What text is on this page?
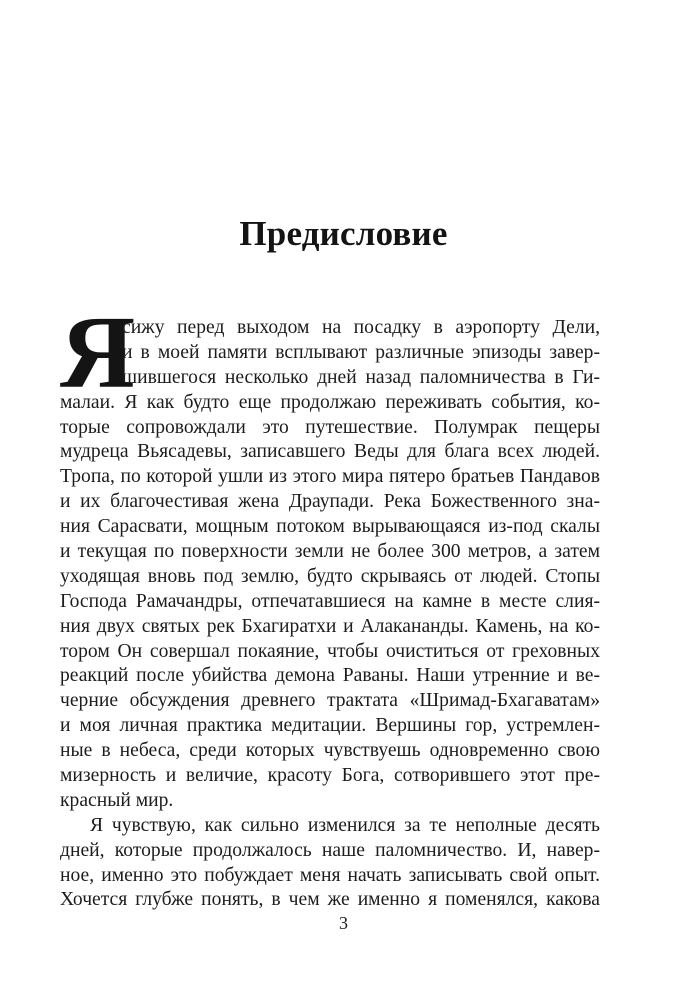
Предисловие
Я
сижу перед выходом на посадку в аэропорту Дели,
и в моей памяти всплывают различные эпизоды завер-
шившегося несколько дней назад паломничества в Ги-
малаи. Я как будто еще продолжаю переживать события, ко-
торые сопровождали это путешествие. Полумрак пещеры
мудреца Вьясадевы, записавшего Веды для блага всех людей.
Тропа, по которой ушли из этого мира пятеро братьев Пандавов
и их благочестивая жена Драупади. Река Божественного зна-
ния Сарасвати, мощным потоком вырывающаяся из-под скалы
и текущая по поверхности земли не более 300 метров, а затем
уходящая вновь под землю, будто скрываясь от людей. Стопы
Господа Рамачандры, отпечатавшиеся на камне в месте слия-
ния двух святых рек Бхагиратхи и Алакананды. Камень, на ко-
тором Он совершал покаяние, чтобы очиститься от греховных
реакций после убийства демона Раваны. Наши утренние и ве-
черние обсуждения древнего трактата «Шримад-Бхагаватам»
и моя личная практика медитации. Вершины гор, устремлен-
ные в небеса, среди которых чувствуешь одновременно свою
мизерность и величие, красоту Бога, сотворившего этот пре-
красный мир.
Я чувствую, как сильно изменился за те неполные десять
дней, которые продолжалось наше паломничество. И, навер-
ное, именно это побуждает меня начать записывать свой опыт.
Хочется глубже понять, в чем же именно я поменялся, какова
3
